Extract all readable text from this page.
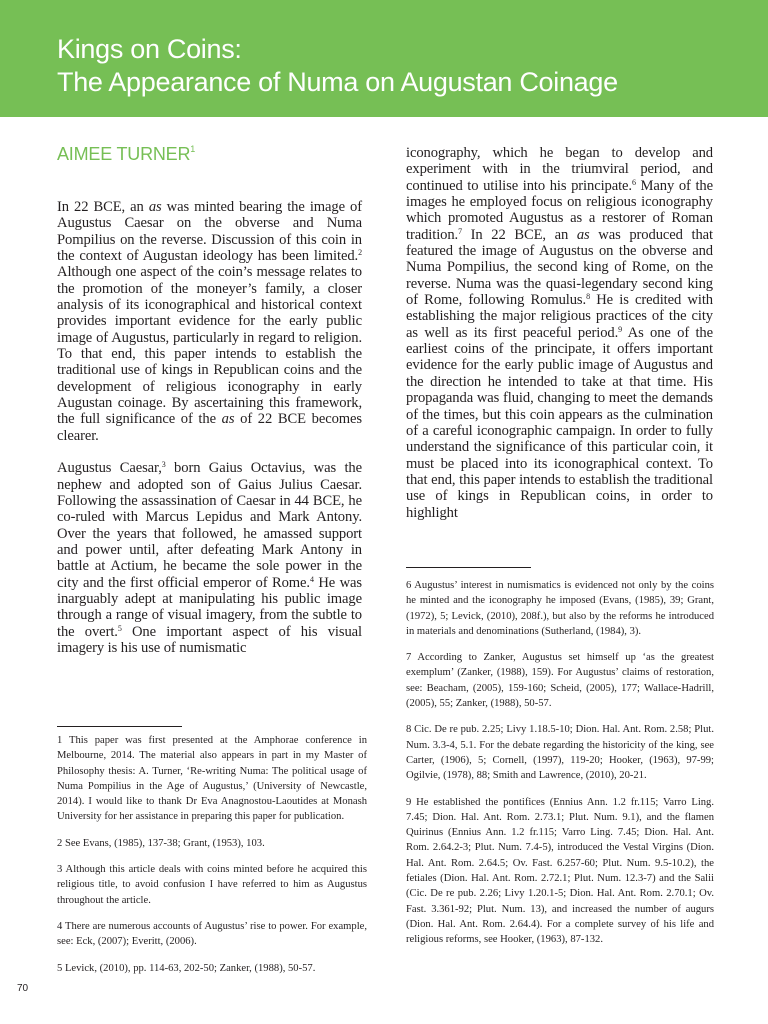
Kings on Coins:
The Appearance of Numa on Augustan Coinage
AIMEE TURNER$^1$

In 22 BCE, an as was minted bearing the image of Augustus Caesar on the obverse and Numa Pompilius on the reverse. Discussion of this coin in the context of Augustan ideology has been limited.$^2$ Although one aspect of the coin’s message relates to the promotion of the moneyer’s family, a closer analysis of its iconographical and historical context provides important evidence for the early public image of Augustus, particularly in regard to religion. To that end, this paper intends to establish the traditional use of kings in Republican coins and the development of religious iconography in early Augustan coinage. By ascertaining this framework, the full significance of the as of 22 BCE becomes clearer.

Augustus Caesar,$^3$ born Gaius Octavius, was the nephew and adopted son of Gaius Julius Caesar. Following the assassination of Caesar in 44 BCE, he co-ruled with Marcus Lepidus and Mark Antony. Over the years that followed, he amassed support and power until, after defeating Mark Antony in battle at Actium, he became the sole power in the city and the first official emperor of Rome.$^4$ He was inarguably adept at manipulating his public image through a range of visual imagery, from the subtle to the overt.$^5$ One important aspect of his visual imagery is his use of numismatic

iconography, which he began to develop and experiment with in the triumviral period, and continued to utilise into his principate.$^6$ Many of the images he employed focus on religious iconography which promoted Augustus as a restorer of Roman tradition.$^7$ In 22 BCE, an as was produced that featured the image of Augustus on the obverse and Numa Pompilius, the second king of Rome, on the reverse. Numa was the quasi-legendary second king of Rome, following Romulus.$^8$ He is credited with establishing the major religious practices of the city as well as its first peaceful period.$^9$ As one of the earliest coins of the principate, it offers important evidence for the early public image of Augustus and the direction he intended to take at that time. His propaganda was fluid, changing to meet the demands of the times, but this coin appears as the culmination of a careful iconographic campaign. In order to fully understand the significance of this particular coin, it must be placed into its iconographical context. To that end, this paper intends to establish the traditional use of kings in Republican coins, in order to highlight

1 This paper was first presented at the Amphorae conference in Melbourne, 2014. The material also appears in part in my Master of Philosophy thesis: A. Turner, ‘Re-writing Numa: The political usage of Numa Pompilius in the Age of Augustus,’ (University of Newcastle, 2014). I would like to thank Dr Eva Anagnostou-Laoutides at Monash University for her assistance in preparing this paper for publication.

2 See Evans, (1985), 137-38; Grant, (1953), 103.

3 Although this article deals with coins minted before he acquired this religious title, to avoid confusion I have referred to him as Augustus throughout the article.

4 There are numerous accounts of Augustus’ rise to power. For example, see: Eck, (2007); Everitt, (2006).

5 Levick, (2010), pp. 114-63, 202-50; Zanker, (1988), 50-57.

6 Augustus’ interest in numismatics is evidenced not only by the coins he minted and the iconography he imposed (Evans, (1985), 39; Grant, (1972), 5; Levick, (2010), 208f.), but also by the reforms he introduced in materials and denominations (Sutherland, (1984), 3).

7 According to Zanker, Augustus set himself up ‘as the greatest exemplum’ (Zanker, (1988), 159). For Augustus’ claims of restoration, see: Beacham, (2005), 159-160; Scheid, (2005), 177; Wallace-Hadrill, (2005), 55; Zanker, (1988), 50-57.

8 Cic. De re pub. 2.25; Livy 1.18.5-10; Dion. Hal. Ant. Rom. 2.58; Plut. Num. 3.3-4, 5.1. For the debate regarding the historicity of the king, see Carter, (1906), 5; Cornell, (1997), 119-20; Hooker, (1963), 97-99; Ogilvie, (1978), 88; Smith and Lawrence, (2010), 20-21.

9 He established the pontifices (Ennius Ann. 1.2 fr.115; Varro Ling. 7.45; Dion. Hal. Ant. Rom. 2.73.1; Plut. Num. 9.1), and the flamen Quirinus (Ennius Ann. 1.2 fr.115; Varro Ling. 7.45; Dion. Hal. Ant. Rom. 2.64.2-3; Plut. Num. 7.4-5), introduced the Vestal Virgins (Dion. Hal. Ant. Rom. 2.64.5; Ov. Fast. 6.257-60; Plut. Num. 9.5-10.2), the fetiales (Dion. Hal. Ant. Rom. 2.72.1; Plut. Num. 12.3-7) and the Salii (Cic. De re pub. 2.26; Livy 1.20.1-5; Dion. Hal. Ant. Rom. 2.70.1; Ov. Fast. 3.361-92; Plut. Num. 13), and increased the number of augurs (Dion. Hal. Ant. Rom. 2.64.4). For a complete survey of his life and religious reforms, see Hooker, (1963), 87-132.

70
